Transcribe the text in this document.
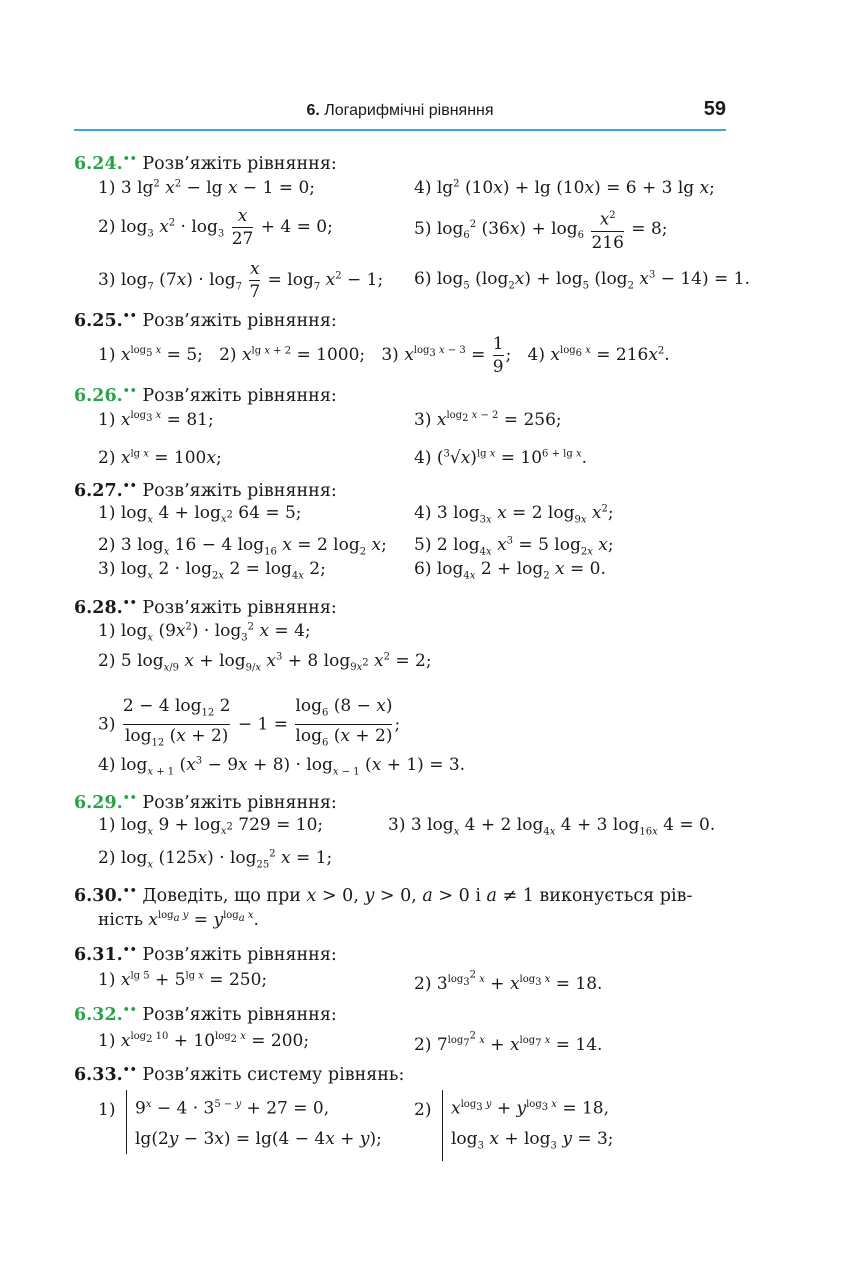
6. Логарифмічні рівняння	59
6.24.•• Розв’яжіть рівняння:
1) 3 $\lg^2 x^2 - \lg x - 1 = 0$;	4) $\lg^2 (10x) + \lg (10x) = 6 + 3$ lg x;
2) $\log_3 x^2 \cdot \log_3 \frac{x}{27} + 4 = 0$;	5) $\log_6^2 (36x) + \log_6 \frac{x^2}{216} = 8$;
3) $\log_7 (7x) \cdot \log_7 \frac{x}{7} = \log_7 x^2 - 1$; 6) $\log_5 (\log_2x) + \log_5 (\log_2$ $x^3 - 14) = 1$.
6.25.•• Розв’яжіть рівняння:
1) $x^{log_5 x} = 5$;   2) $x^{lg x + 2} = 1000$;   3) $x^{log_3 x - 3} = \frac{1}{9}$ ;   4) $x^{log_6 x} = 216x^2$.
6.26.•• Розв’яжіть рівняння:
1) $x^{log_3 x} = 81$;	3) $x^{log_2 x - 2} = 256$;
2) $x^{lg x} = 100x$;	4) $(^3√x)^{lg x} = 10^{6 + lg x}$.
6.27.•• Розв’яжіть рівняння:
1) $\log_x 4 + \log_{x^2} 64 = 5$;	4) 3 $\log_{3x} x = 2$ $\log_{9x} x^2$;
2) 3 $\log_x 16 - 4$ $\log_{16} x = 2$ $\log_2 x$; 5) 2 $\log_{4x} x^3 = 5$ $\log_{2x} x$;
3) $\log_x 2 \cdot \log_{2x} 2 = \log_{4x} 2$;	6) $\log_{4x} 2 + \log_2 x = 0$.
6.28.•• Розв’яжіть рівняння:
1) $\log_x (9x^2) \cdot \log_3^2 x = 4$;
2) 5 $\log_{x/9} x + \log_{9/x} x^3 + 8$ $\log_{9x^2} x^2 = 2$;
$3) \frac{2 - 4 \log_{12} 2}{\log_{12} (x + 2)} - 1 = \frac{\log_6 (8 - x)}{\log_6 (x + 2)}$ ;
4) $\log_{x + 1} (x^3 - 9x + 8) \cdot \log_{x - 1} (x + 1) = 3$.
6.29.•• Розв’яжіть рівняння:
1) $\log_x 9 + \log_{x^2} 729 = 10$;	3) 3 $\log_x 4 + 2$ $\log_{4x} 4 + 3$ $\log_{16x} 4 = 0$.
2) $\log_x (125x) \cdot \log_{25}^2 x = 1$;
6.30.•• Доведіть, що при x > 0, y > 0, a > 0 і a ≠ 1 виконується рів-
ність $x^{log_a y} = y^{log_a x}$.
6.31.•• Розв’яжіть рівняння:
1) $x^{lg 5} + 5^{lg x} = 250$;	2) $3^{log_3^2 x} + x^{log_3 x} = 18$.
6.32.•• Розв’яжіть рівняння:
1) $x^{log_2 10} + 10^{log_2 x} = 200$;	2) $7^{log_7^2 x} + x^{log_7 x} = 14$.
6.33.•• Розв’яжіть систему рівнянь:
1)	$9^x - 4 \cdot 3^{5 - y} + 27 = 0$,
lg(2y − 3x) = lg(4 − 4x + y);
2)	$x^{log_3 y} + y^{log_3 x} = 18$,
$\log_3 x + \log_3 y = 3$;
